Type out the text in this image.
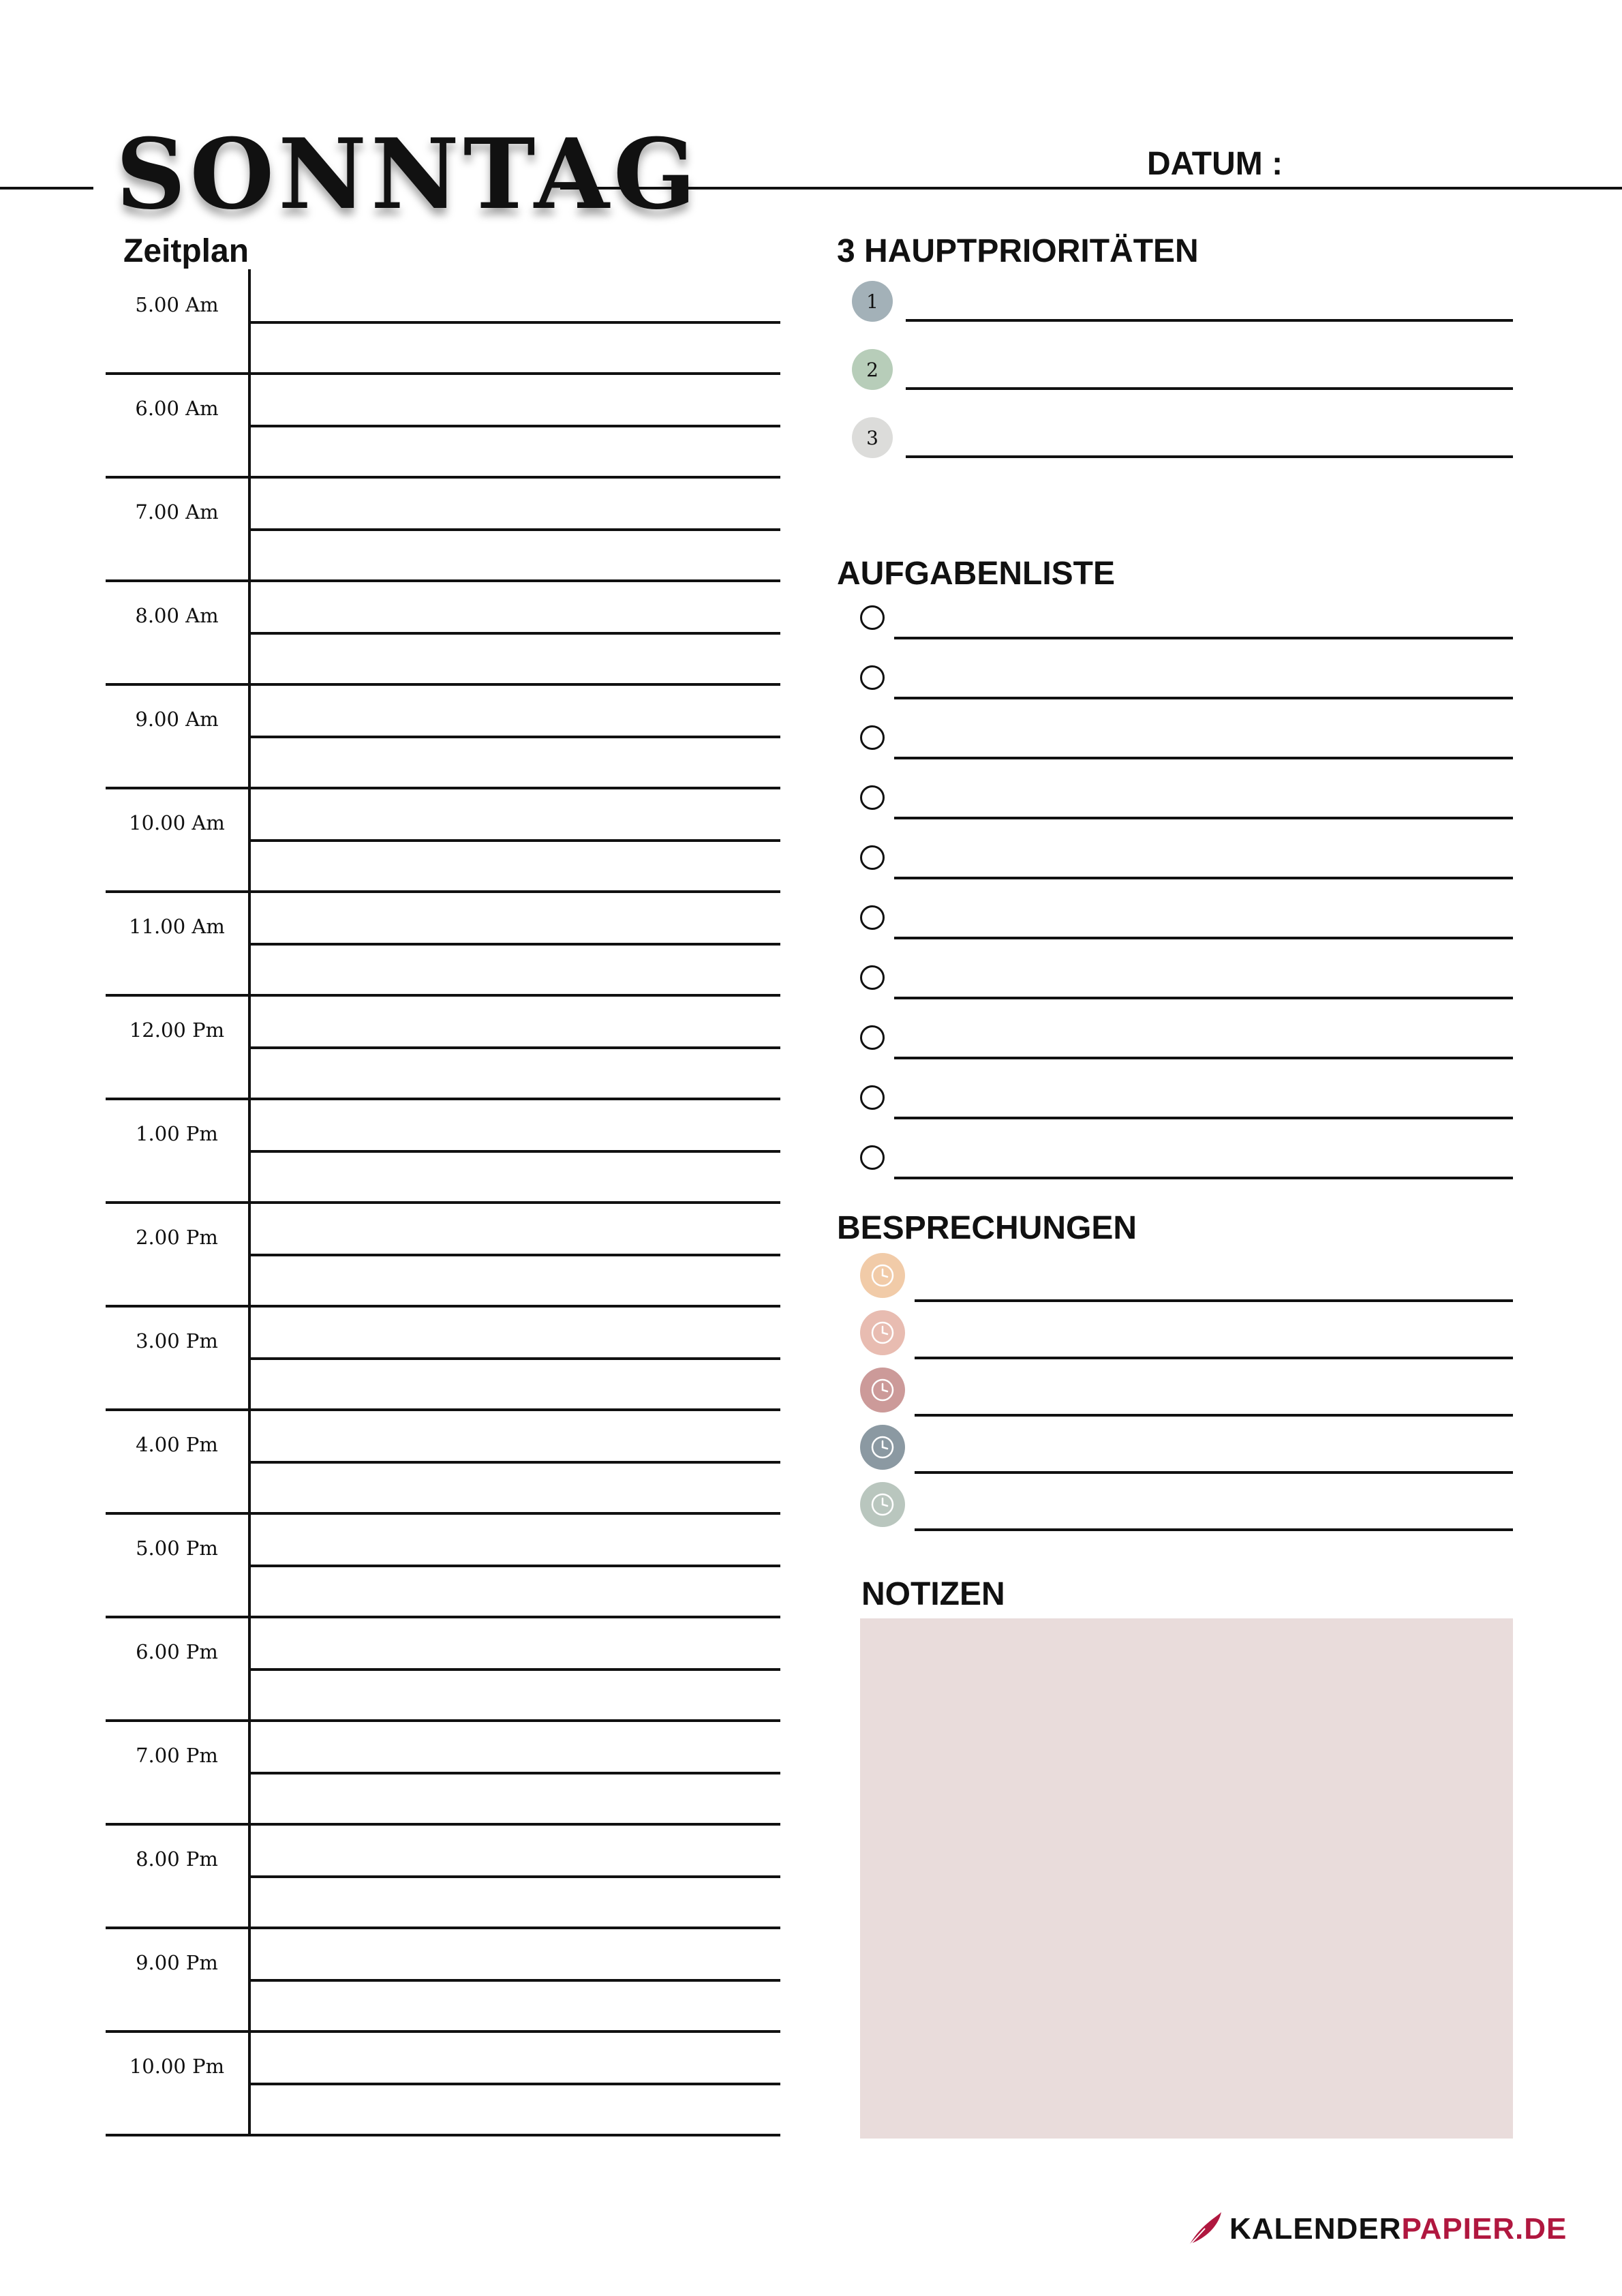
SONNTAG	DATUM :
Zeitplan
5.00 Am
6.00 Am
7.00 Am
8.00 Am
9.00 Am
10.00 Am
11.00 Am
12.00 Pm
1.00 Pm
2.00 Pm
3.00 Pm
4.00 Pm
5.00 Pm
6.00 Pm
7.00 Pm
8.00 Pm
9.00 Pm
10.00 Pm
3 HAUPTPRIORITÄTEN
1
2
3
AUFGABENLISTE
BESPRECHUNGEN
NOTIZEN
KALENDER PAPIER.DE
